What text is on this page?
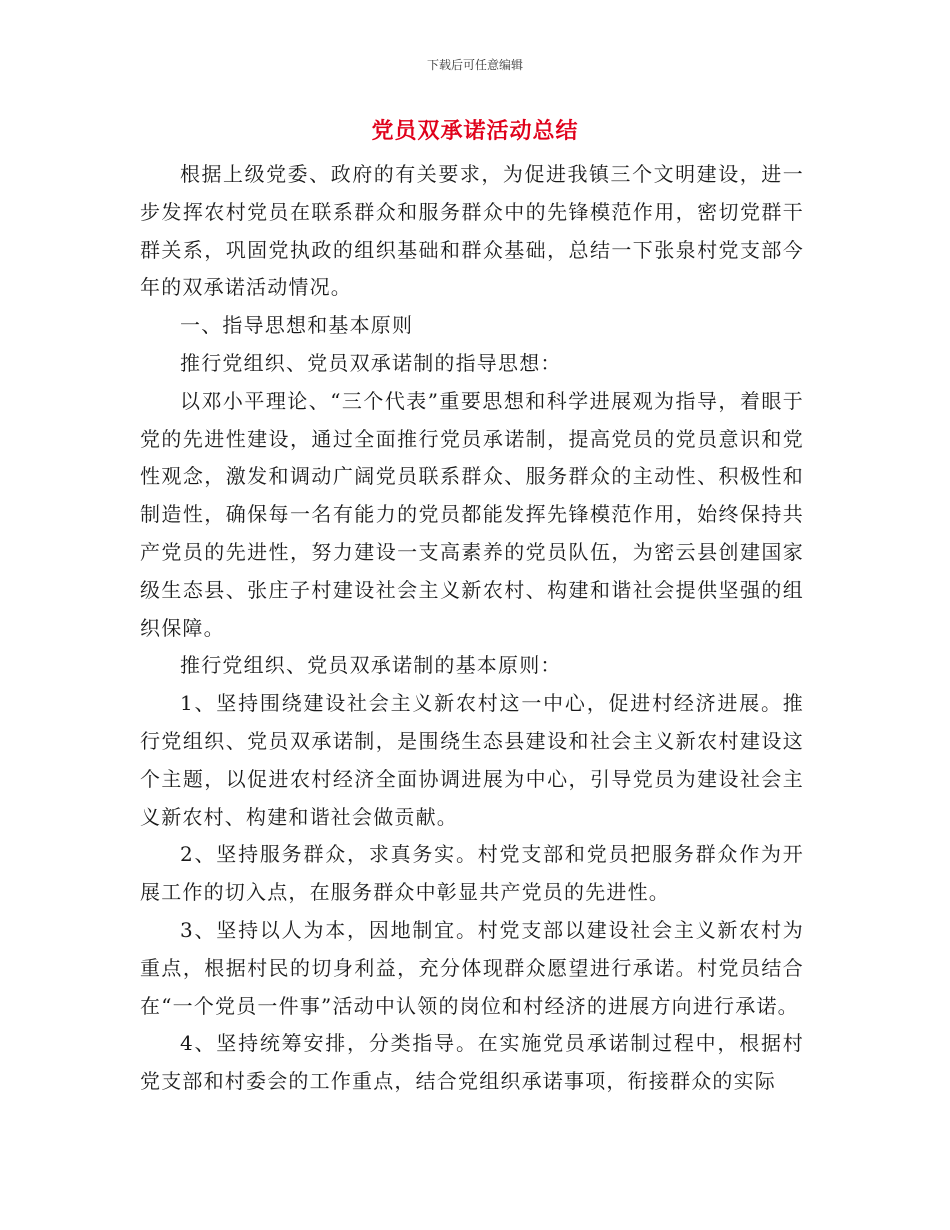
下载后可任意编辑
党员双承诺活动总结

根据上级党委、政府的有关要求，为促进我镇三个文明建设，进一步发挥农村党员在联系群众和服务群众中的先锋模范作用，密切党群干群关系，巩固党执政的组织基础和群众基础，总结一下张泉村党支部今年的双承诺活动情况。

一、指导思想和基本原则

推行党组织、党员双承诺制的指导思想：

以邓小平理论、“三个代表”重要思想和科学进展观为指导，着眼于党的先进性建设，通过全面推行党员承诺制，提高党员的党员意识和党性观念，激发和调动广阔党员联系群众、服务群众的主动性、积极性和制造性，确保每一名有能力的党员都能发挥先锋模范作用，始终保持共产党员的先进性，努力建设一支高素养的党员队伍，为密云县创建国家级生态县、张庄子村建设社会主义新农村、构建和谐社会提供坚强的组织保障。

推行党组织、党员双承诺制的基本原则：

1、坚持围绕建设社会主义新农村这一中心，促进村经济进展。推行党组织、党员双承诺制，是围绕生态县建设和社会主义新农村建设这个主题，以促进农村经济全面协调进展为中心，引导党员为建设社会主义新农村、构建和谐社会做贡献。

2、坚持服务群众，求真务实。村党支部和党员把服务群众作为开展工作的切入点，在服务群众中彰显共产党员的先进性。

3、坚持以人为本，因地制宜。村党支部以建设社会主义新农村为重点，根据村民的切身利益，充分体现群众愿望进行承诺。村党员结合在“一个党员一件事”活动中认领的岗位和村经济的进展方向进行承诺。

4、坚持统筹安排，分类指导。在实施党员承诺制过程中，根据村党支部和村委会的工作重点，结合党组织承诺事项，衔接群众的实际
